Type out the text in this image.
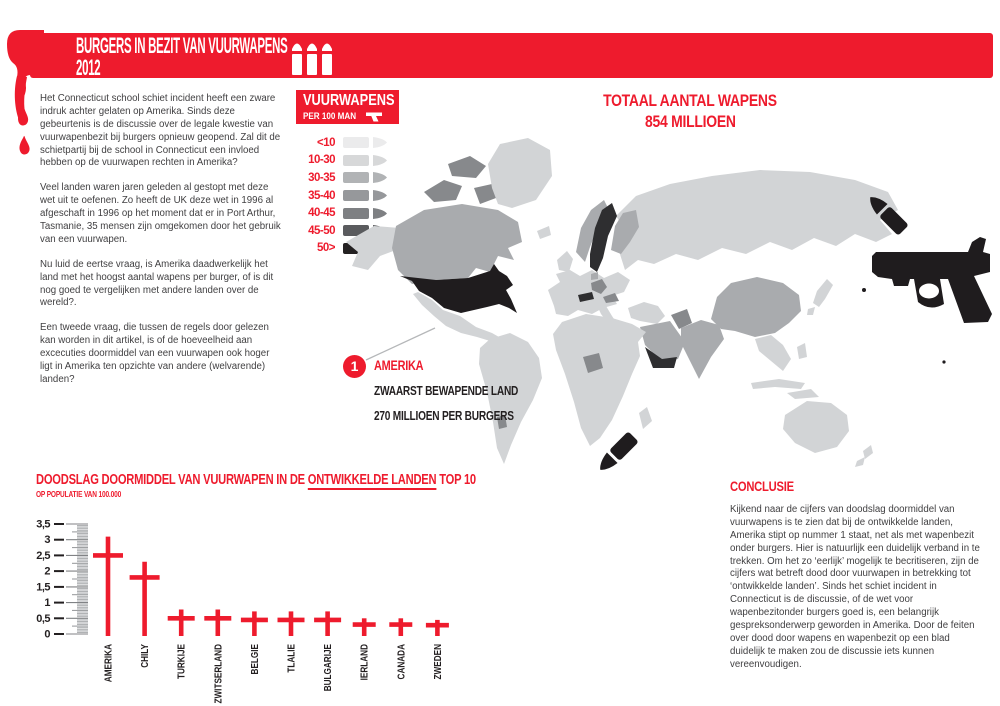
BURGERS IN BEZIT VAN VUURWAPENS
2012

Het Connecticut school schiet incident heeft een zware indruk achter gelaten op Amerika. Sinds deze gebeurtenis is de discussie over de legale kwestie van vuurwapenbezit bij burgers opnieuw geopend. Zal dit de schietpartij bij de school in Connecticut een invloed hebben op de vuurwapen rechten in Amerika?

Veel landen waren jaren geleden al gestopt met deze wet uit te oefenen. Zo heeft de UK deze wet in 1996 al afgeschaft in 1996 op het moment dat er in Port Arthur, Tasmanie, 35 mensen zijn omgekomen door het gebruik van een vuurwapen.

Nu luid de eertse vraag, is Amerika daadwerkelijk het land met het hoogst aantal wapens per burger, of is dit nog goed te vergelijken met andere landen over de wereld?.

Een tweede vraag, die tussen de regels door gelezen kan worden in dit artikel, is of de hoeveelheid aan excecuties doormiddel van een vuurwapen ook hoger ligt in Amerika ten opzichte van andere (welvarende) landen?

VUURWAPENS
PER 100 MAN
<10
10-30
30-35
35-40
40-45
45-50
50>
TOTAAL AANTAL WAPENS
854 MILLIOEN
1	AMERIKA
ZWAARST BEWAPENDE LAND
270 MILLIOEN PER BURGERS
DOODSLAG DOORMIDDEL VAN VUURWAPEN IN DE ONTWIKKELDE LANDEN TOP 10

OP POPULATIE VAN 100.000

0
0,5
1
1,5
2
2,5
3
3,5
AMERIKA CHILY TURKIJE ZWITSERLAND BELGIE TLALIE BULGARIJE IERLAND CANADA ZWEDEN
CONCLUSIE

Kijkend naar de cijfers van doodslag doormiddel van vuurwapens is te zien dat bij de ontwikkelde landen, Amerika stipt op nummer 1 staat, net als met wapenbezit onder burgers. Hier is natuurlijk een duidelijk verband in te trekken. Om het zo ‘eerlijk’ mogelijk te becritiseren, zijn de cijfers wat betreft dood door vuurwapen in betrekking tot ‘ontwikkelde landen’. Sinds het schiet incident in Connecticut is de discussie, of de wet voor wapenbezitonder burgers goed is, een belangrijk gespreksonderwerp geworden in Amerika. Door de feiten over dood door wapens en wapenbezit op een blad duidelijk te maken zou de discussie iets kunnen vereenvoudigen.
